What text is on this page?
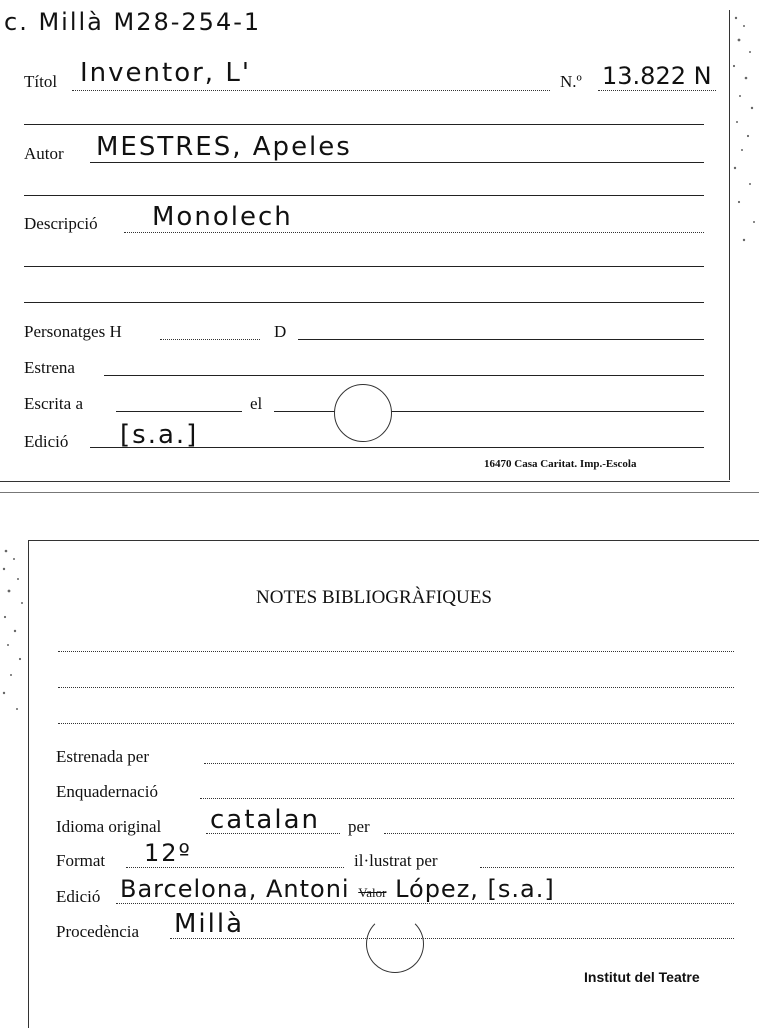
c. Millà M28-254-1
Títol Inventor, L'	N.º 13.822 N
Autor MESTRES, Apeles
Descripció Monolech
Personatges H	D
Estrena
Escrita a	el
Edició [s.a.]
16470 Casa Caritat. Imp.-Escola
NOTES BIBLIOGRÀFIQUES
Estrenada per
Enquadernació
Idioma original catalan per
Format 12º	il·lustrat per
Edició Barcelona, Antoni Valor López, [s.a.]
Procedència Millà
Institut del Teatre
